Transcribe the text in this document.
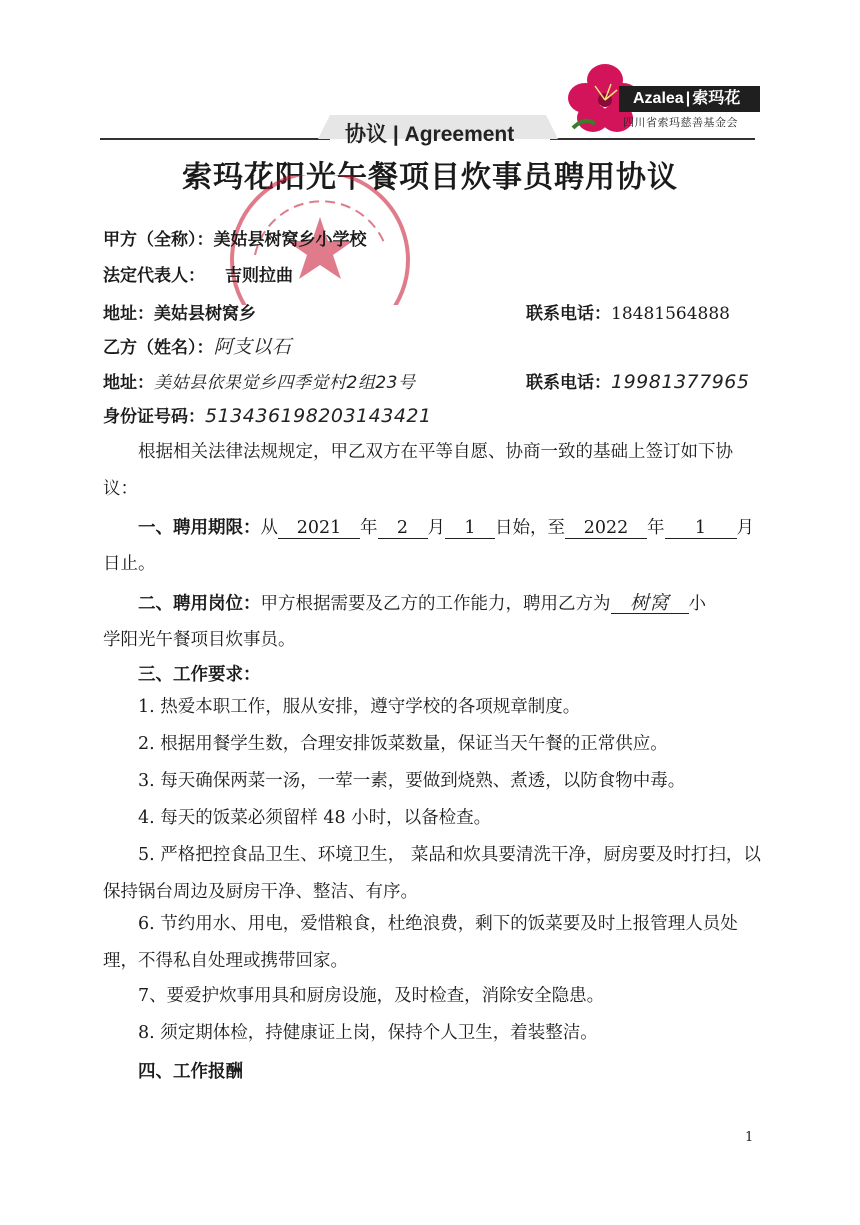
Azalea | 索玛花
四川省索玛慈善基金会
协议 | Agreement
索玛花阳光午餐项目炊事员聘用协议
甲方（全称）：美姑县树窝乡小学校
法定代表人： 吉则拉曲
地址：美姑县树窝乡	联系电话：18481564888
乙方（姓名）：阿支以石
地址：美姑县依果觉乡四季觉村2组23号	联系电话：19981377965
身份证号码：513436198203143421
根据相关法律法规规定，甲乙双方在平等自愿、协商一致的基础上签订如下协议：
一、聘用期限：从 2021 年 2 月 1 日始，至 2022 年 1 月
日止。
二、聘用岗位：甲方根据需要及乙方的工作能力，聘用乙方为 树窝 小
学阳光午餐项目炊事员。
三、工作要求：
1. 热爱本职工作，服从安排，遵守学校的各项规章制度。
2. 根据用餐学生数，合理安排饭菜数量，保证当天午餐的正常供应。
3. 每天确保两菜一汤，一荤一素，要做到烧熟、煮透，以防食物中毒。
4. 每天的饭菜必须留样 48 小时，以备检查。
5. 严格把控食品卫生、环境卫生， 菜品和炊具要清洗干净，厨房要及时打扫，以保持锅台周边及厨房干净、整洁、有序。
6. 节约用水、用电，爱惜粮食，杜绝浪费，剩下的饭菜要及时上报管理人员处理，不得私自处理或携带回家。
7、要爱护炊事用具和厨房设施，及时检查，消除安全隐患。
8. 须定期体检，持健康证上岗，保持个人卫生，着装整洁。
四、工作报酬
1
